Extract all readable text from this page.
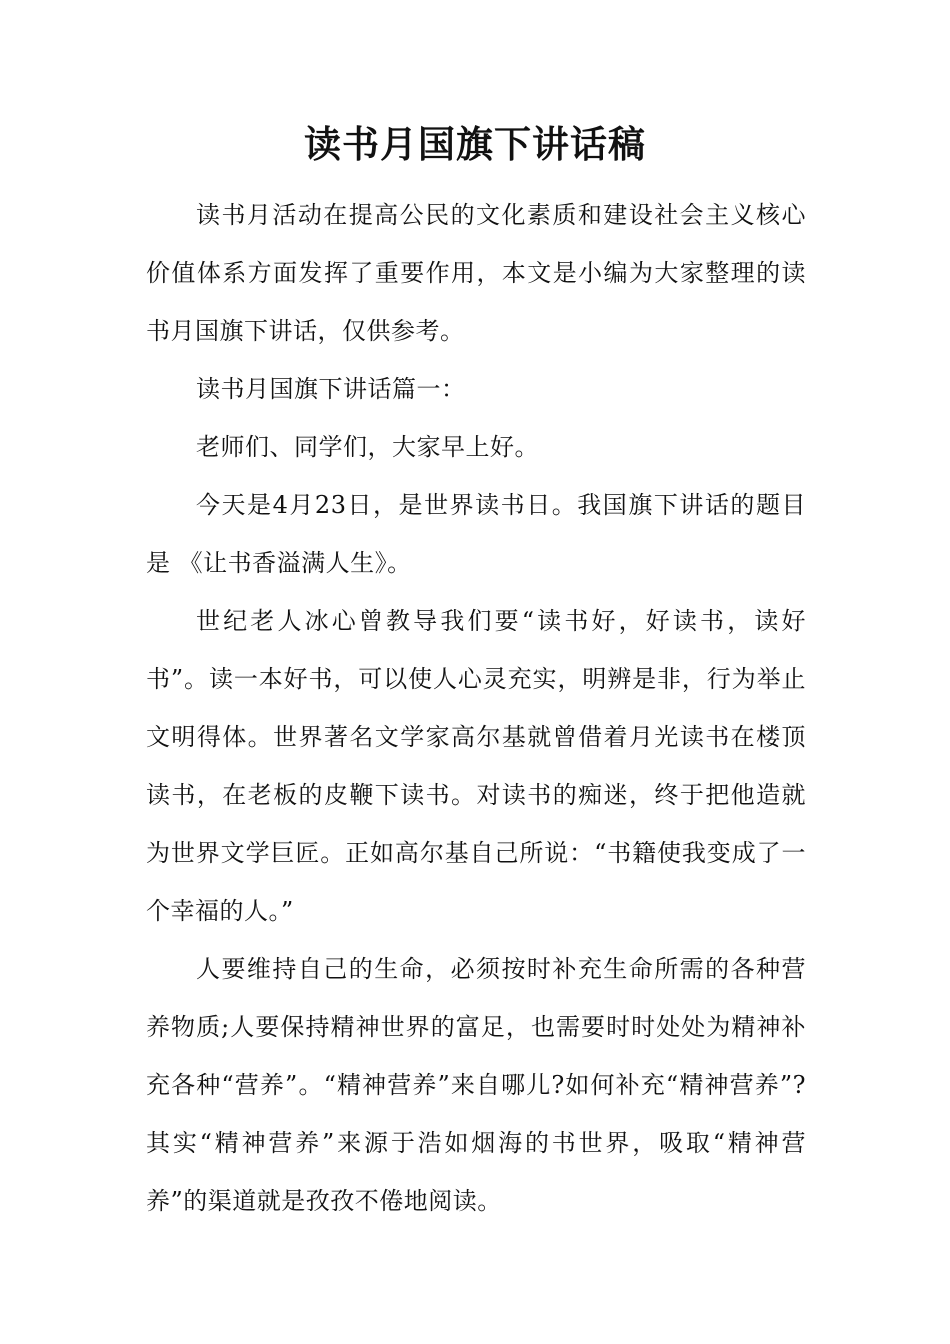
读书月国旗下讲话稿

读书月活动在提高公民的文化素质和建设社会主义核心价值体系方面发挥了重要作用，本文是小编为大家整理的读书月国旗下讲话，仅供参考。

读书月国旗下讲话篇一：

老师们、同学们，大家早上好。

今天是4月23日，是世界读书日。我国旗下讲话的题目是 《让书香溢满人生》。

世纪老人冰心曾教导我们要“读书好，好读书，读好书”。读一本好书，可以使人心灵充实，明辨是非，行为举止文明得体。世界著名文学家高尔基就曾借着月光读书在楼顶读书，在老板的皮鞭下读书。对读书的痴迷，终于把他造就为世界文学巨匠。正如高尔基自己所说：“书籍使我变成了一个幸福的人。”

人要维持自己的生命，必须按时补充生命所需的各种营养物质;人要保持精神世界的富足，也需要时时处处为精神补充各种“营养”。“精神营养”来自哪儿?如何补充“精神营养”?其实“精神营养”来源于浩如烟海的书世界，吸取“精神营养”的渠道就是孜孜不倦地阅读。
